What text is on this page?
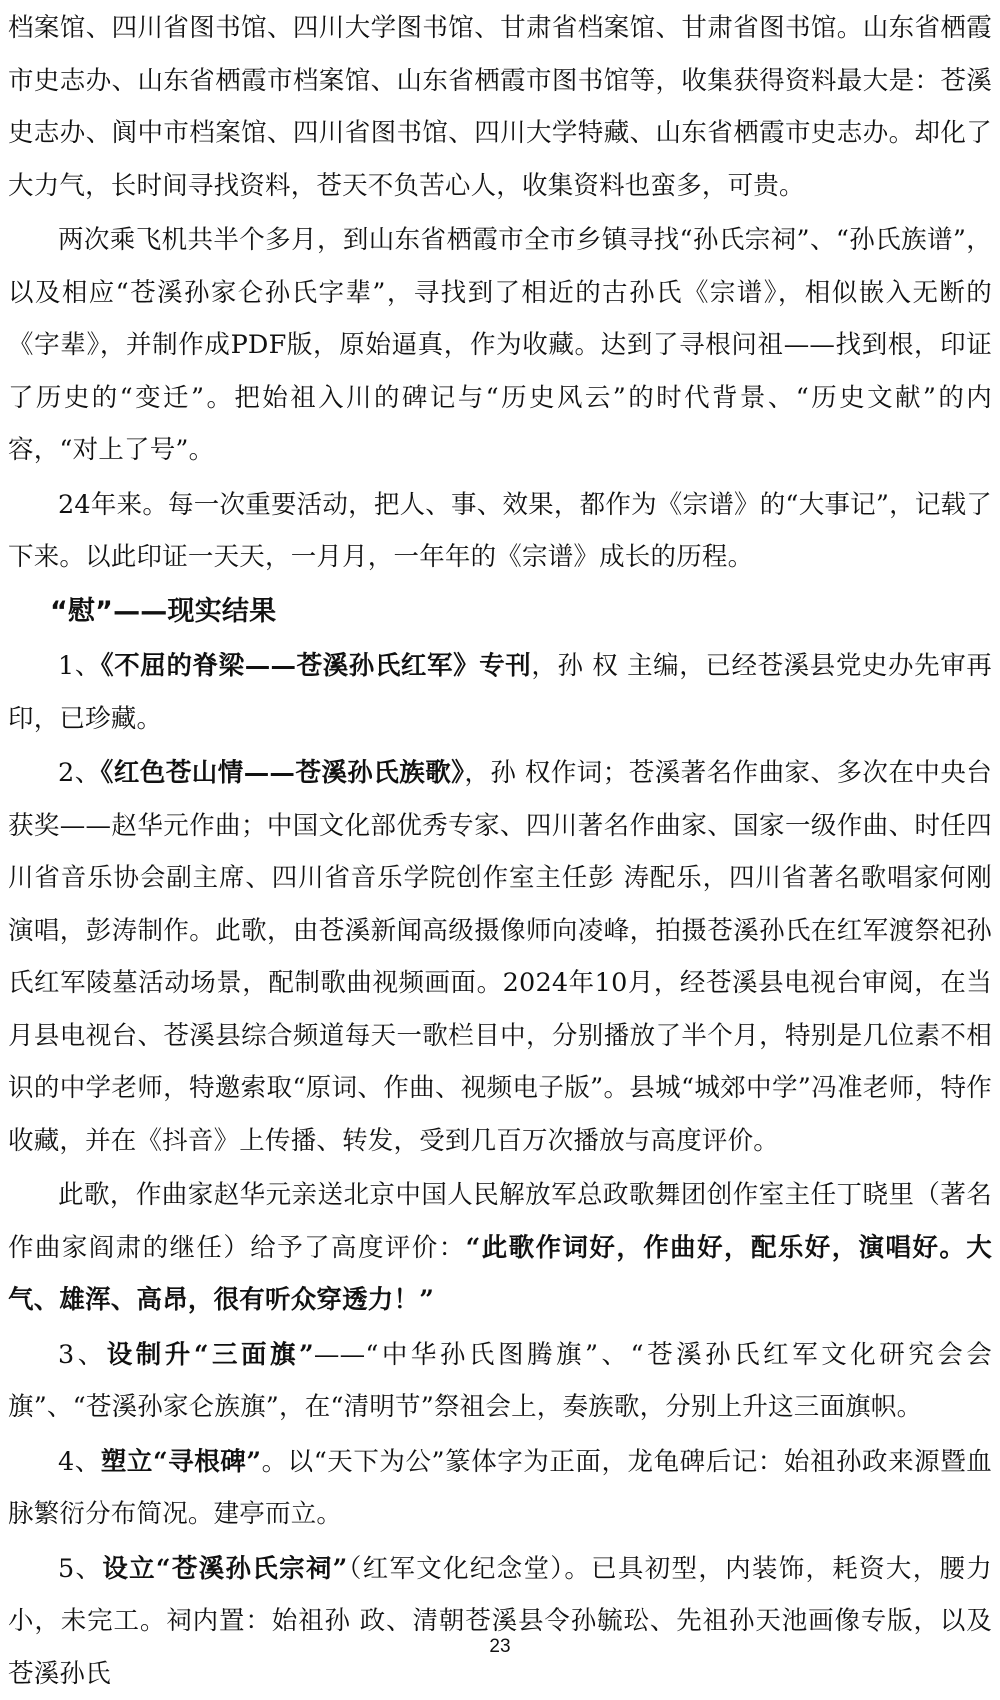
档案馆、四川省图书馆、四川大学图书馆、甘肃省档案馆、甘肃省图书馆。山东省栖霞市史志办、山东省栖霞市档案馆、山东省栖霞市图书馆等，收集获得资料最大是：苍溪史志办、阆中市档案馆、四川省图书馆、四川大学特藏、山东省栖霞市史志办。却化了大力气，长时间寻找资料，苍天不负苦心人，收集资料也蛮多，可贵。

两次乘飞机共半个多月，到山东省栖霞市全市乡镇寻找“孙氏宗祠”、“孙氏族谱”，以及相应“苍溪孙家仑孙氏字辈”，寻找到了相近的古孙氏《宗谱》，相似嵌入无断的《字辈》，并制作成PDF版，原始逼真，作为收藏。达到了寻根问祖——找到根，印证了历史的“变迁”。把始祖入川的碑记与“历史风云”的时代背景、“历史文献”的内容，“对上了号”。

24年来。每一次重要活动，把人、事、效果，都作为《宗谱》的“大事记”，记载了下来。以此印证一天天，一月月，一年年的《宗谱》成长的历程。

“慰”——现实结果

1、《不屈的脊梁——苍溪孙氏红军》专刊，孙 权 主编，已经苍溪县党史办先审再印，已珍藏。

2、《红色苍山情——苍溪孙氏族歌》，孙 权作词；苍溪著名作曲家、多次在中央台获奖——赵华元作曲；中国文化部优秀专家、四川著名作曲家、国家一级作曲、时任四川省音乐协会副主席、四川省音乐学院创作室主任彭 涛配乐，四川省著名歌唱家何刚演唱，彭涛制作。此歌，由苍溪新闻高级摄像师向凌峰，拍摄苍溪孙氏在红军渡祭祀孙氏红军陵墓活动场景，配制歌曲视频画面。2024年10月，经苍溪县电视台审阅，在当月县电视台、苍溪县综合频道每天一歌栏目中，分别播放了半个月，特别是几位素不相识的中学老师，特邀索取“原词、作曲、视频电子版”。县城“城郊中学”冯准老师，特作收藏，并在《抖音》上传播、转发，受到几百万次播放与高度评价。

此歌，作曲家赵华元亲送北京中国人民解放军总政歌舞团创作室主任丁晓里（著名作曲家阎肃的继任）给予了高度评价：“此歌作词好，作曲好，配乐好，演唱好。大气、雄浑、高昂，很有听众穿透力！”

3、设制升“三面旗”——“中华孙氏图腾旗”、“苍溪孙氏红军文化研究会会旗”、“苍溪孙家仑族旗”，在“清明节”祭祖会上，奏族歌，分别上升这三面旗帜。

4、塑立“寻根碑”。以“天下为公”篆体字为正面，龙龟碑后记：始祖孙政来源暨血脉繁衍分布简况。建亭而立。

5、设立“苍溪孙氏宗祠”（红军文化纪念堂）。已具初型，内装饰，耗资大，腰力小，未完工。祠内置：始祖孙 政、清朝苍溪县令孙毓玜、先祖孙天池画像专版，以及苍溪孙氏

23
